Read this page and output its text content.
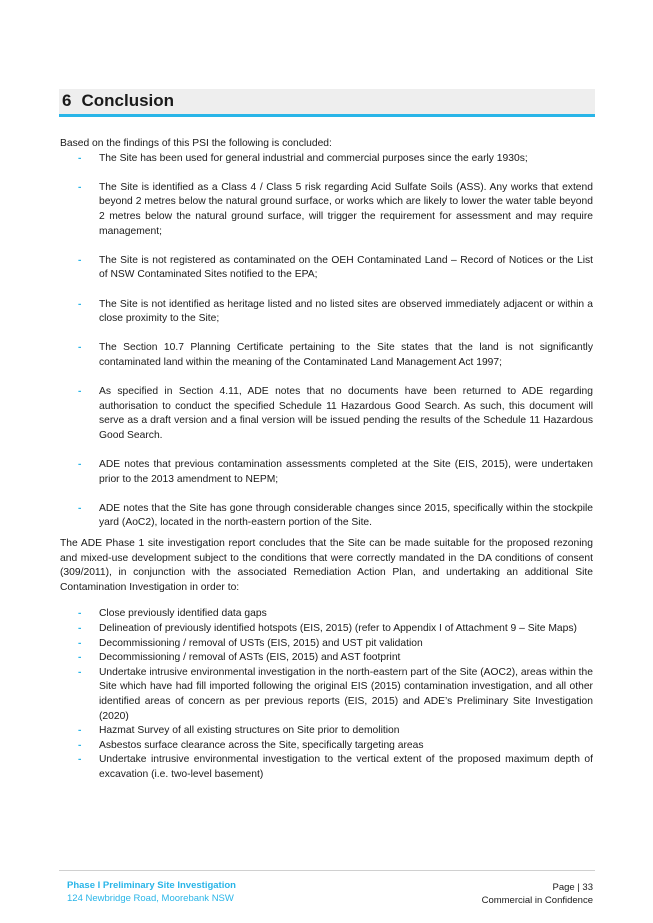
6 Conclusion

Based on the findings of this PSI the following is concluded:

- The Site has been used for general industrial and commercial purposes since the early 1930s;
- The Site is identified as a Class 4 / Class 5 risk regarding Acid Sulfate Soils (ASS). Any works that extend beyond 2 metres below the natural ground surface, or works which are likely to lower the water table beyond 2 metres below the natural ground surface, will trigger the requirement for assessment and may require management;
- The Site is not registered as contaminated on the OEH Contaminated Land – Record of Notices or the List of NSW Contaminated Sites notified to the EPA;
- The Site is not identified as heritage listed and no listed sites are observed immediately adjacent or within a close proximity to the Site;
- The Section 10.7 Planning Certificate pertaining to the Site states that the land is not significantly contaminated land within the meaning of the Contaminated Land Management Act 1997;
- As specified in Section 4.11, ADE notes that no documents have been returned to ADE regarding authorisation to conduct the specified Schedule 11 Hazardous Good Search. As such, this document will serve as a draft version and a final version will be issued pending the results of the Schedule 11 Hazardous Good Search.
- ADE notes that previous contamination assessments completed at the Site (EIS, 2015), were undertaken prior to the 2013 amendment to NEPM;
- ADE notes that the Site has gone through considerable changes since 2015, specifically within the stockpile yard (AoC2), located in the north-eastern portion of the Site.

The ADE Phase 1 site investigation report concludes that the Site can be made suitable for the proposed rezoning and mixed-use development subject to the conditions that were correctly mandated in the DA conditions of consent (309/2011), in conjunction with the associated Remediation Action Plan, and undertaking an additional Site Contamination Investigation in order to:

- Close previously identified data gaps
- Delineation of previously identified hotspots (EIS, 2015) (refer to Appendix I of Attachment 9 – Site Maps)
- Decommissioning / removal of USTs (EIS, 2015) and UST pit validation
- Decommissioning / removal of ASTs (EIS, 2015) and AST footprint
- Undertake intrusive environmental investigation in the north-eastern part of the Site (AOC2), areas within the Site which have had fill imported following the original EIS (2015) contamination investigation, and all other identified areas of concern as per previous reports (EIS, 2015) and ADE’s Preliminary Site Investigation (2020)
- Hazmat Survey of all existing structures on Site prior to demolition
- Asbestos surface clearance across the Site, specifically targeting areas
- Undertake intrusive environmental investigation to the vertical extent of the proposed maximum depth of excavation (i.e. two-level basement)
Phase I Preliminary Site Investigation
124 Newbridge Road, Moorebank NSW
Page | 33
Commercial in Confidence
